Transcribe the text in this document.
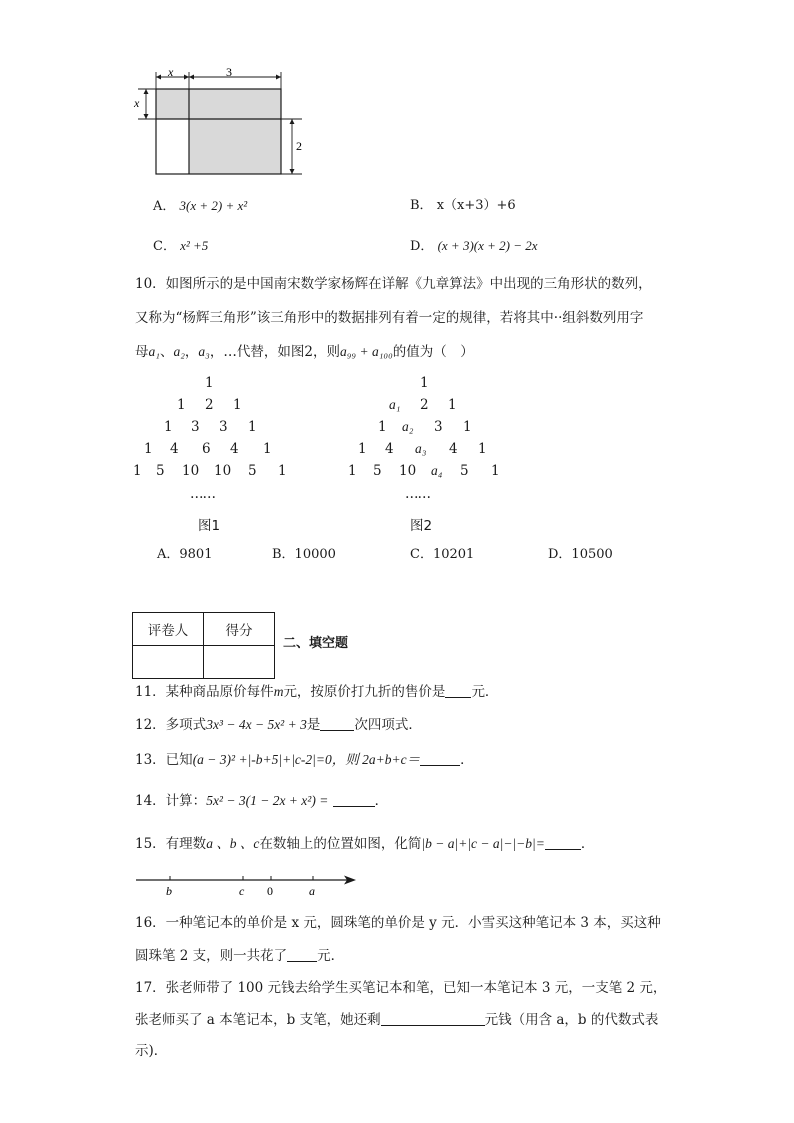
x	3
x
2
A． 3(x + 2) + x²	B． x（x+3）+6
C． x² +5	D． (x + 3)(x + 2) − 2x
10．如图所示的是中国南宋数学家杨辉在详解《九章算法》中出现的三角形状的数列，
又称为“杨辉三角形”该三角形中的数据排列有着一定的规律，若将其中··组斜数列用字
母a₁、a₂，a₃，…代替，如图2，则a₉₉ + a₁₀₀的值为（　）
1
1 2 1
1 3 3 1
1 4 6 4 1
1 5 10 10 5 1
……
图1
1
a₁ 2 1
1 a₂ 3 1
1 4 a₃ 4 1
1 5 10 a₄ 5 1
……
图2
A．9801	B．10000	C．10201	D．10500
评卷人	得分

二、填空题
11．某种商品原价每件m元，按原价打九折的售价是 元．
12．多项式3x³ − 4x − 5x² + 3是	次四项式．
13．已知(a − 3)² +|-b+5|+|c-2|=0，则 2a+b+c＝	．
14．计算：5x² − 3(1 − 2x + x²) =	．
15．有理数a 、b 、c在数轴上的位置如图，化简|b − a|+|c − a|−|−b|=	．
b	c 0	a
16．一种笔记本的单价是 x 元，圆珠笔的单价是 y 元．小雪买这种笔记本 3 本，买这种
圆珠笔 2 支，则一共花了 元．
17．张老师带了 100 元钱去给学生买笔记本和笔，已知一本笔记本 3 元，一支笔 2 元，
张老师买了 a 本笔记本，b 支笔，她还剩	元钱（用含 a，b 的代数式表
示)．
